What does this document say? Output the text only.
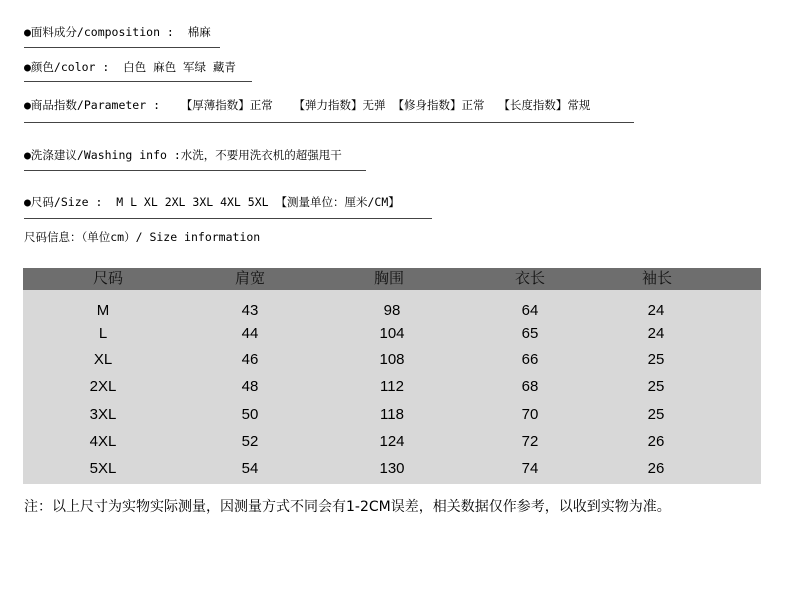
●面料成分/composition :  棉麻
●颜色/color :  白色 麻色 军绿 藏青
●商品指数/Parameter :   【厚薄指数】正常   【弹力指数】无弹 【修身指数】正常  【长度指数】常规
●洗涤建议/Washing info :水洗，不要用洗衣机的超强甩干
●尺码/Size :  M L XL 2XL 3XL 4XL 5XL 【测量单位：厘米/CM】
尺码信息：（单位cm）/ Size information
尺码	肩宽	胸围	衣长	袖长
M	43	98	64	24
L	44	104	65	24
XL	46	108	66	25
2XL	48	112	68	25
3XL	50	118	70	25
4XL	52	124	72	26
5XL	54	130	74	26
注：以上尺寸为实物实际测量，因测量方式不同会有1-2CM误差，相关数据仅作参考，以收到实物为准。
